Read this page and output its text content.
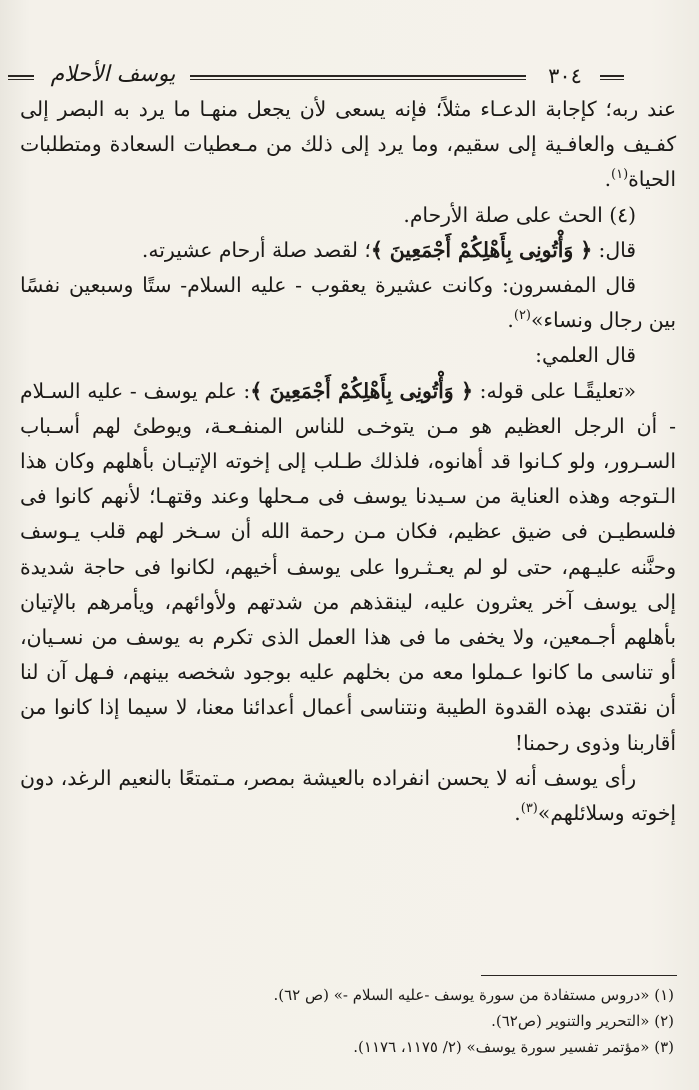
٣٠٤
يوسف الأحلام

عند ربه؛ كإجابة الدعـاء مثلاً؛ فإنه يسعى لأن يجعل منهـا ما يرد به البصر إلى كفـيف والعافـية إلى سقيم، وما يرد إلى ذلك من مـعطيات السعادة ومتطلبات الحياة$^{(١)}$.

(٤) الحث على صلة الأرحام.

قال: ﴿ وَأْتُونِى بِأَهْلِكُمْ أَجْمَعِينَ ﴾؛ لقصد صلة أرحام عشيرته.

قال المفسرون: وكانت عشيرة يعقوب - عليه السلام- ستًا وسبعين نفسًا بين رجال ونساء»$^{(٢)}$.

قال العلمي:

«تعليقًـا على قوله: ﴿ وَأْتُونِى بِأَهْلِكُمْ أَجْمَعِينَ ﴾: علم يوسف - عليه السـلام - أن الرجل العظيم هو مـن يتوخـى للناس المنفـعـة، ويوطئ لهم أسـباب السـرور، ولو كـانوا قد أهانوه، فلذلك طـلب إلى إخوته الإتيـان بأهلهم وكان هذا الـتوجه وهذه العناية من سـيدنا يوسف فى مـحلها وعند وقتهـا؛ لأنهم كانوا فى فلسطيـن فى ضيق عظيم، فكان مـن رحمة الله أن سـخر لهم قلب يـوسف وحنَّنه عليـهم، حتى لو لم يعـثـروا على يوسف أخيهم، لكانوا فى حاجة شديدة إلى يوسف آخر يعثرون عليه، لينقذهم من شدتهم ولأوائهم، ويأمرهم بالإتيان بأهلهم أجـمعين، ولا يخفى ما فى هذا العمل الذى تكرم به يوسف من نسـيان، أو تناسى ما كانوا عـملوا معه من بخلهم عليه بوجود شخصه بينهم، فـهل آن لنا أن نقتدى بهذه القدوة الطيبة ونتناسى أعمال أعدائنا معنا، لا سيما إذا كانوا من أقاربنا وذوى رحمنا!

رأى يوسف أنه لا يحسن انفراده بالعيشة بمصر، مـتمتعًا بالنعيم الرغد، دون إخوته وسلائلهم»$^{(٣)}$.

(١) «دروس مستفادة من سورة يوسف -عليه السلام -» (ص ٦٢).

(٢) «التحرير والتنوير (ص٦٢).

(٣) «مؤتمر تفسير سورة يوسف» (٢/ ١١٧٥، ١١٧٦).
